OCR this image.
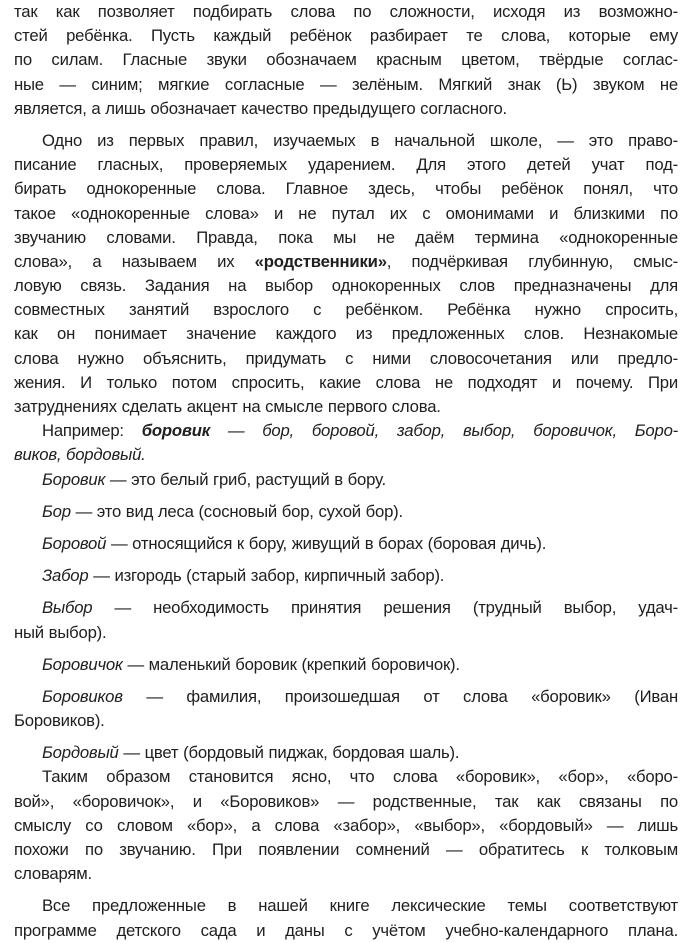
так как позволяет подбирать слова по сложности, исходя из возможно-
стей ребёнка. Пусть каждый ребёнок разбирает те слова, которые ему
по силам. Гласные звуки обозначаем красным цветом, твёрдые соглас-
ные — синим; мягкие согласные — зелёным. Мягкий знак (Ь) звуком не
является, а лишь обозначает качество предыдущего согласного.
Одно из первых правил, изучаемых в начальной школе, — это право-
писание гласных, проверяемых ударением. Для этого детей учат под-
бирать однокоренные слова. Главное здесь, чтобы ребёнок понял, что
такое «однокоренные слова» и не путал их с омонимами и близкими по
звучанию словами. Правда, пока мы не даём термина «однокоренные
слова», а называем их «родственники», подчёркивая глубинную, смыс-
ловую связь. Задания на выбор однокоренных слов предназначены для
совместных занятий взрослого с ребёнком. Ребёнка нужно спросить,
как он понимает значение каждого из предложенных слов. Незнакомые
слова нужно объяснить, придумать с ними словосочетания или предло-
жения. И только потом спросить, какие слова не подходят и почему. При
затруднениях сделать акцент на смысле первого слова.
Например: боровик — бор, боровой, забор, выбор, боровичок, Боро-
виков, бордовый.
Боровик — это белый гриб, растущий в бору.
Бор — это вид леса (сосновый бор, сухой бор).
Боровой — относящийся к бору, живущий в борах (боровая дичь).
Забор — изгородь (старый забор, кирпичный забор).
Выбор — необходимость принятия решения (трудный выбор, удач-
ный выбор).
Боровичок — маленький боровик (крепкий боровичок).
Боровиков — фамилия, произошедшая от слова «боровик» (Иван
Боровиков).
Бордовый — цвет (бордовый пиджак, бордовая шаль).
Таким образом становится ясно, что слова «боровик», «бор», «боро-
вой», «боровичок», и «Боровиков» — родственные, так как связаны по
смыслу со словом «бор», а слова «забор», «выбор», «бордовый» — лишь
похожи по звучанию. При появлении сомнений — обратитесь к толковым
словарям.
Все предложенные в нашей книге лексические темы соответствуют
программе детского сада и даны с учётом учебно-календарного плана.
